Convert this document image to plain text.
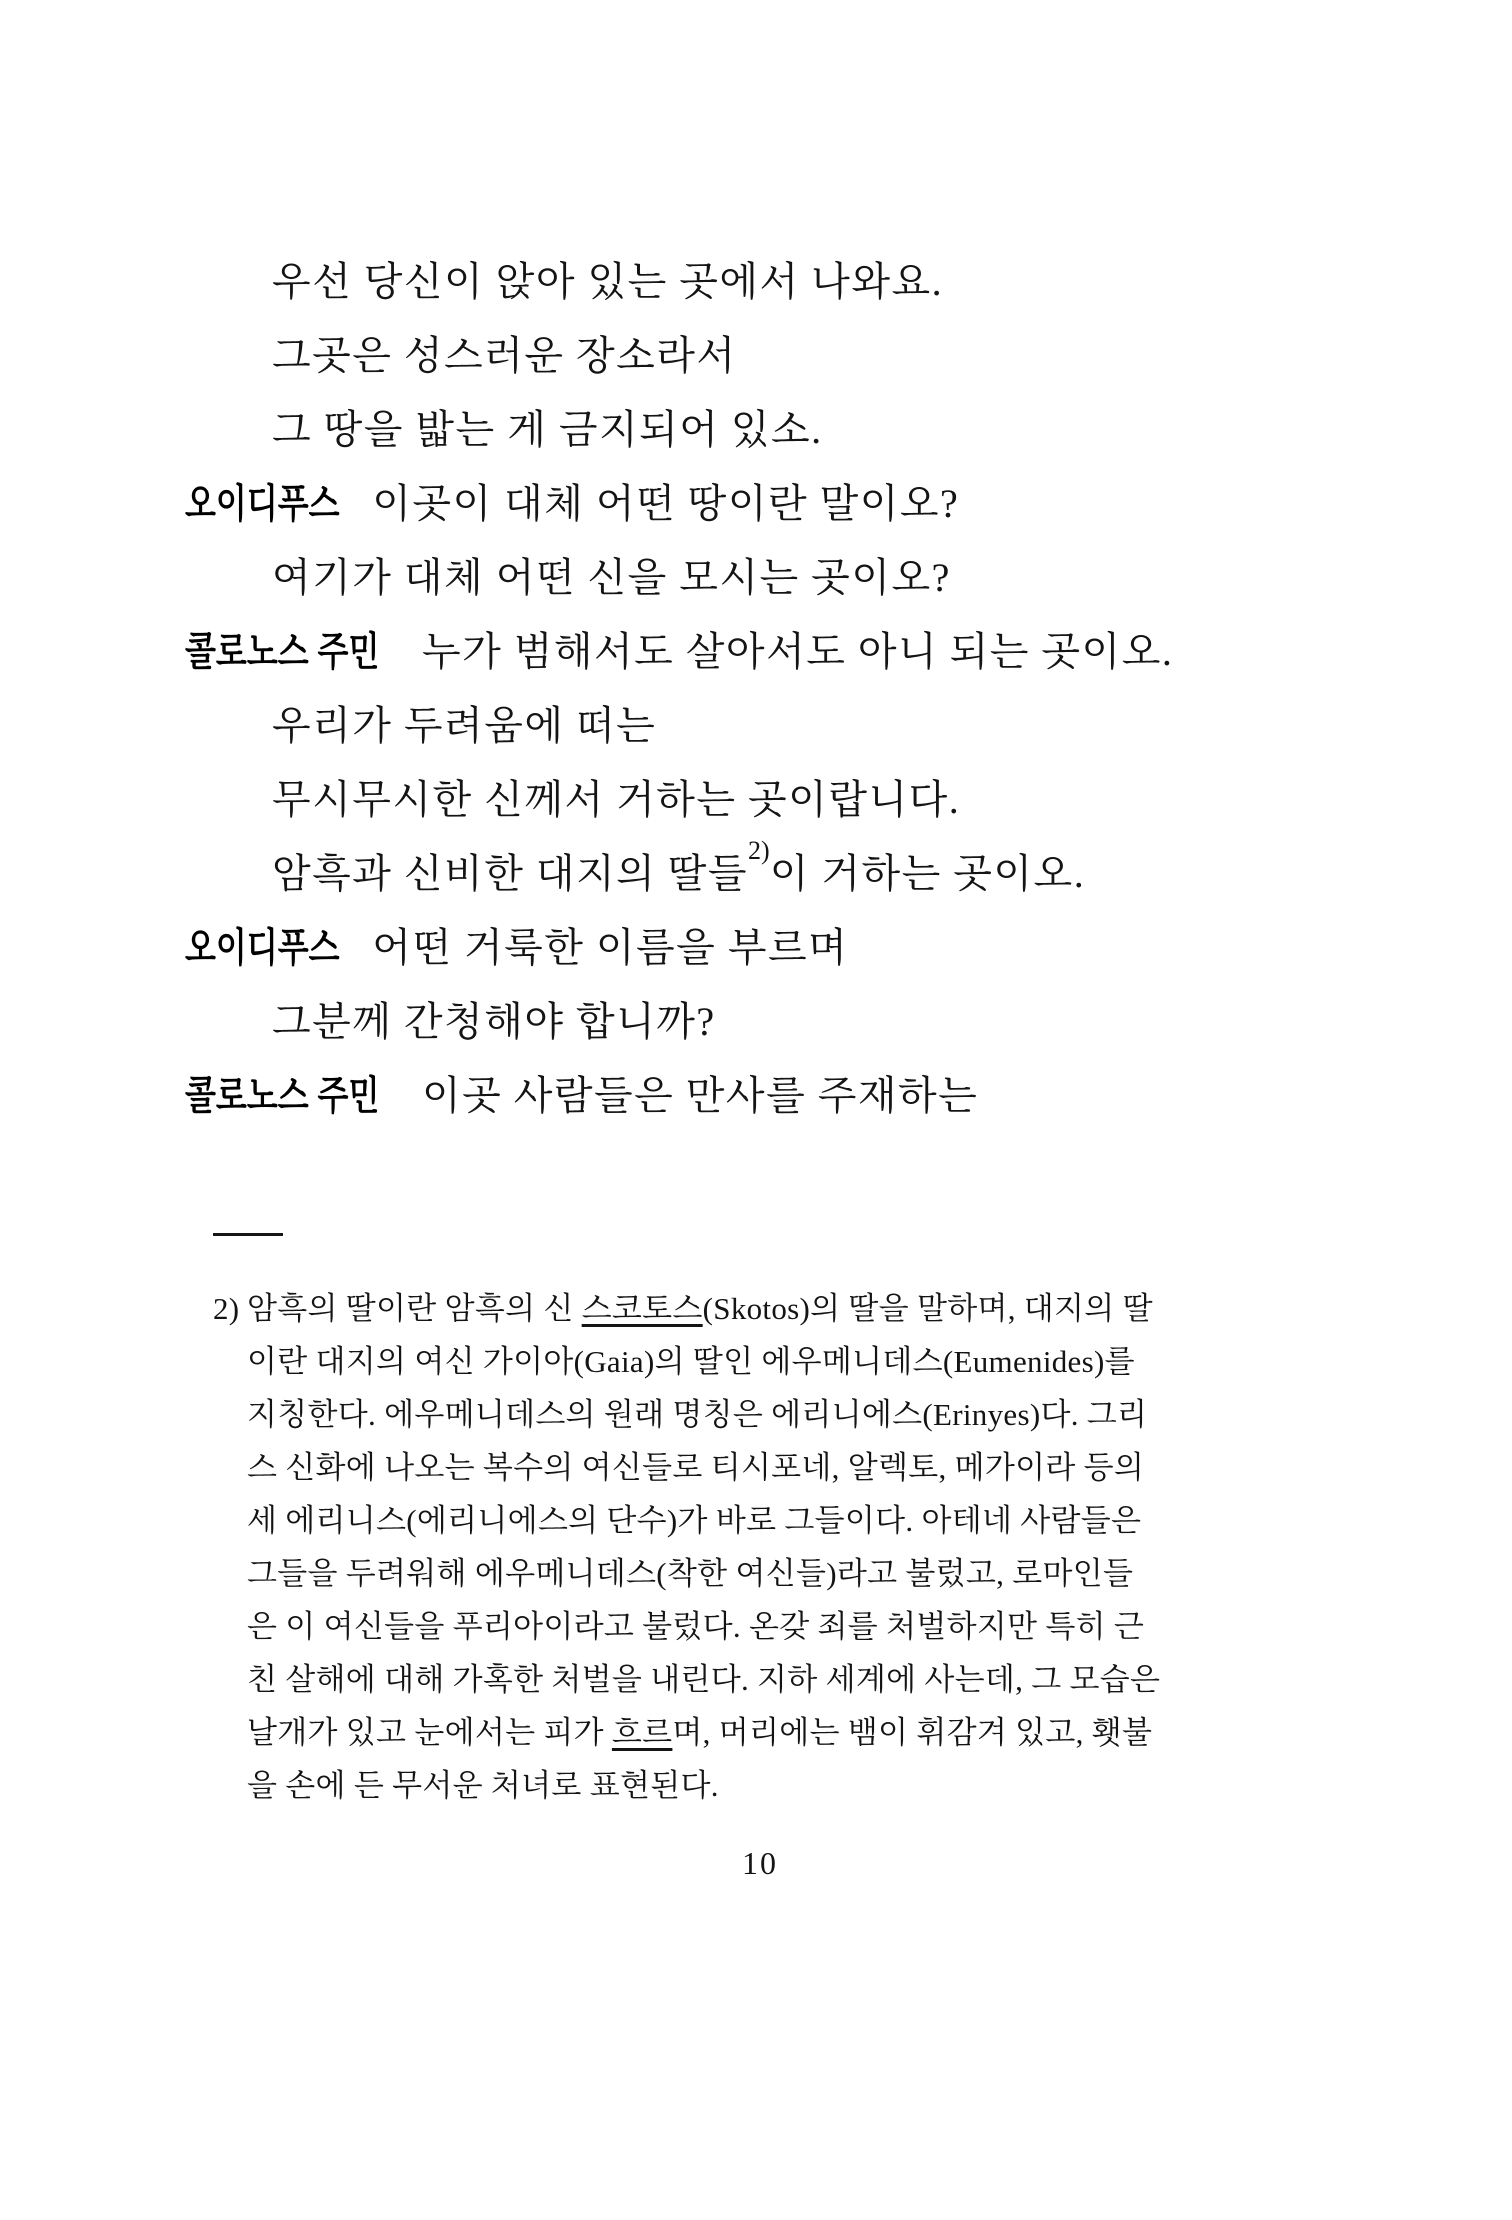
우선 당신이 앉아 있는 곳에서 나와요.
그곳은 성스러운 장소라서
그 땅을 밟는 게 금지되어 있소.
오이디푸스 이곳이 대체 어떤 땅이란 말이오?
여기가 대체 어떤 신을 모시는 곳이오?
콜로노스 주민 누가 범해서도 살아서도 아니 되는 곳이오.
우리가 두려움에 떠는
무시무시한 신께서 거하는 곳이랍니다.
암흑과 신비한 대지의 딸들$^{2)}$이 거하는 곳이오.
오이디푸스 어떤 거룩한 이름을 부르며
그분께 간청해야 합니까?
콜로노스 주민 이곳 사람들은 만사를 주재하는
2) 암흑의 딸이란 암흑의 신 스코토스(Skotos)의 딸을 말하며, 대지의 딸
이란 대지의 여신 가이아(Gaia)의 딸인 에우메니데스(Eumenides)를
지칭한다. 에우메니데스의 원래 명칭은 에리니에스(Erinyes)다. 그리
스 신화에 나오는 복수의 여신들로 티시포네, 알렉토, 메가이라 등의
세 에리니스(에리니에스의 단수)가 바로 그들이다. 아테네 사람들은
그들을 두려워해 에우메니데스(착한 여신들)라고 불렀고, 로마인들
은 이 여신들을 푸리아이라고 불렀다. 온갖 죄를 처벌하지만 특히 근
친 살해에 대해 가혹한 처벌을 내린다. 지하 세계에 사는데, 그 모습은
날개가 있고 눈에서는 피가 흐르며, 머리에는 뱀이 휘감겨 있고, 횃불
을 손에 든 무서운 처녀로 표현된다.
10
